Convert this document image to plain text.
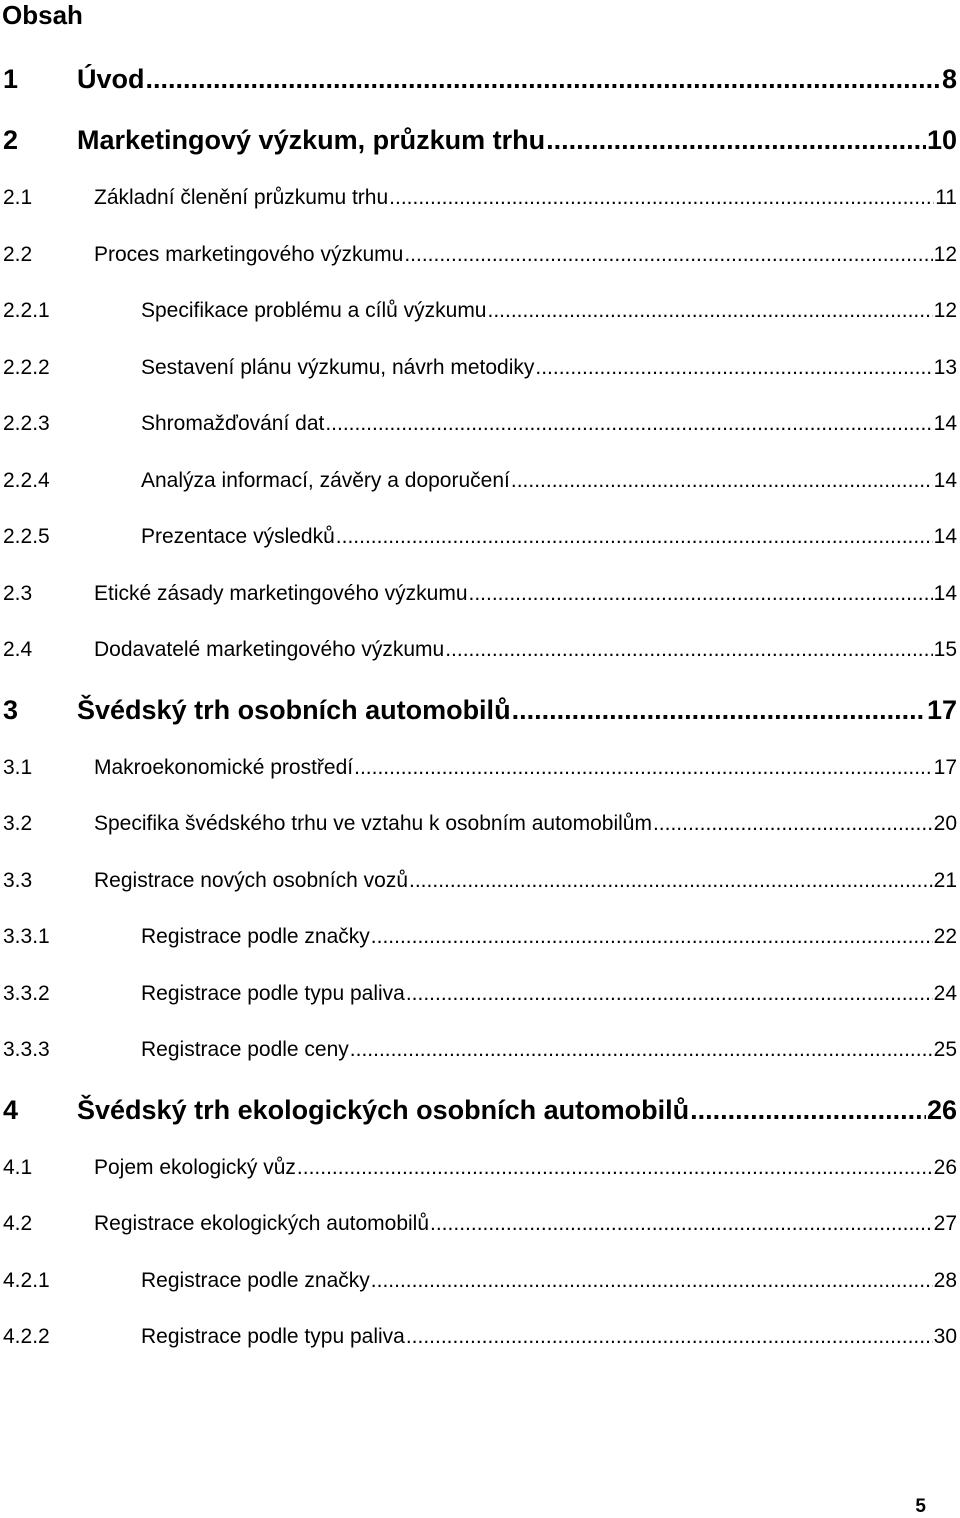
Obsah
1	Úvod .....	8
2	Marketingový výzkum, průzkum trhu .....	10
2.1	Základní členění průzkumu trhu .....	11
2.2	Proces marketingového výzkumu .....	12
2.2.1	Specifikace problému a cílů výzkumu .....	12
2.2.2	Sestavení plánu výzkumu, návrh metodiky .....	13
2.2.3	Shromažďování dat .....	14
2.2.4	Analýza informací, závěry a doporučení .....	14
2.2.5	Prezentace výsledků .....	14
2.3	Etické zásady marketingového výzkumu .....	14
2.4	Dodavatelé marketingového výzkumu .....	15
3	Švédský trh osobních automobilů .....	17
3.1	Makroekonomické prostředí .....	17
3.2	Specifika švédského trhu ve vztahu k osobním automobilům .....	20
3.3	Registrace nových osobních vozů .....	21
3.3.1	Registrace podle značky .....	22
3.3.2	Registrace podle typu paliva .....	24
3.3.3	Registrace podle ceny .....	25
4	Švédský trh ekologických osobních automobilů .....	26
4.1	Pojem ekologický vůz .....	26
4.2	Registrace ekologických automobilů .....	27
4.2.1	Registrace podle značky .....	28
4.2.2	Registrace podle typu paliva .....	30
5
